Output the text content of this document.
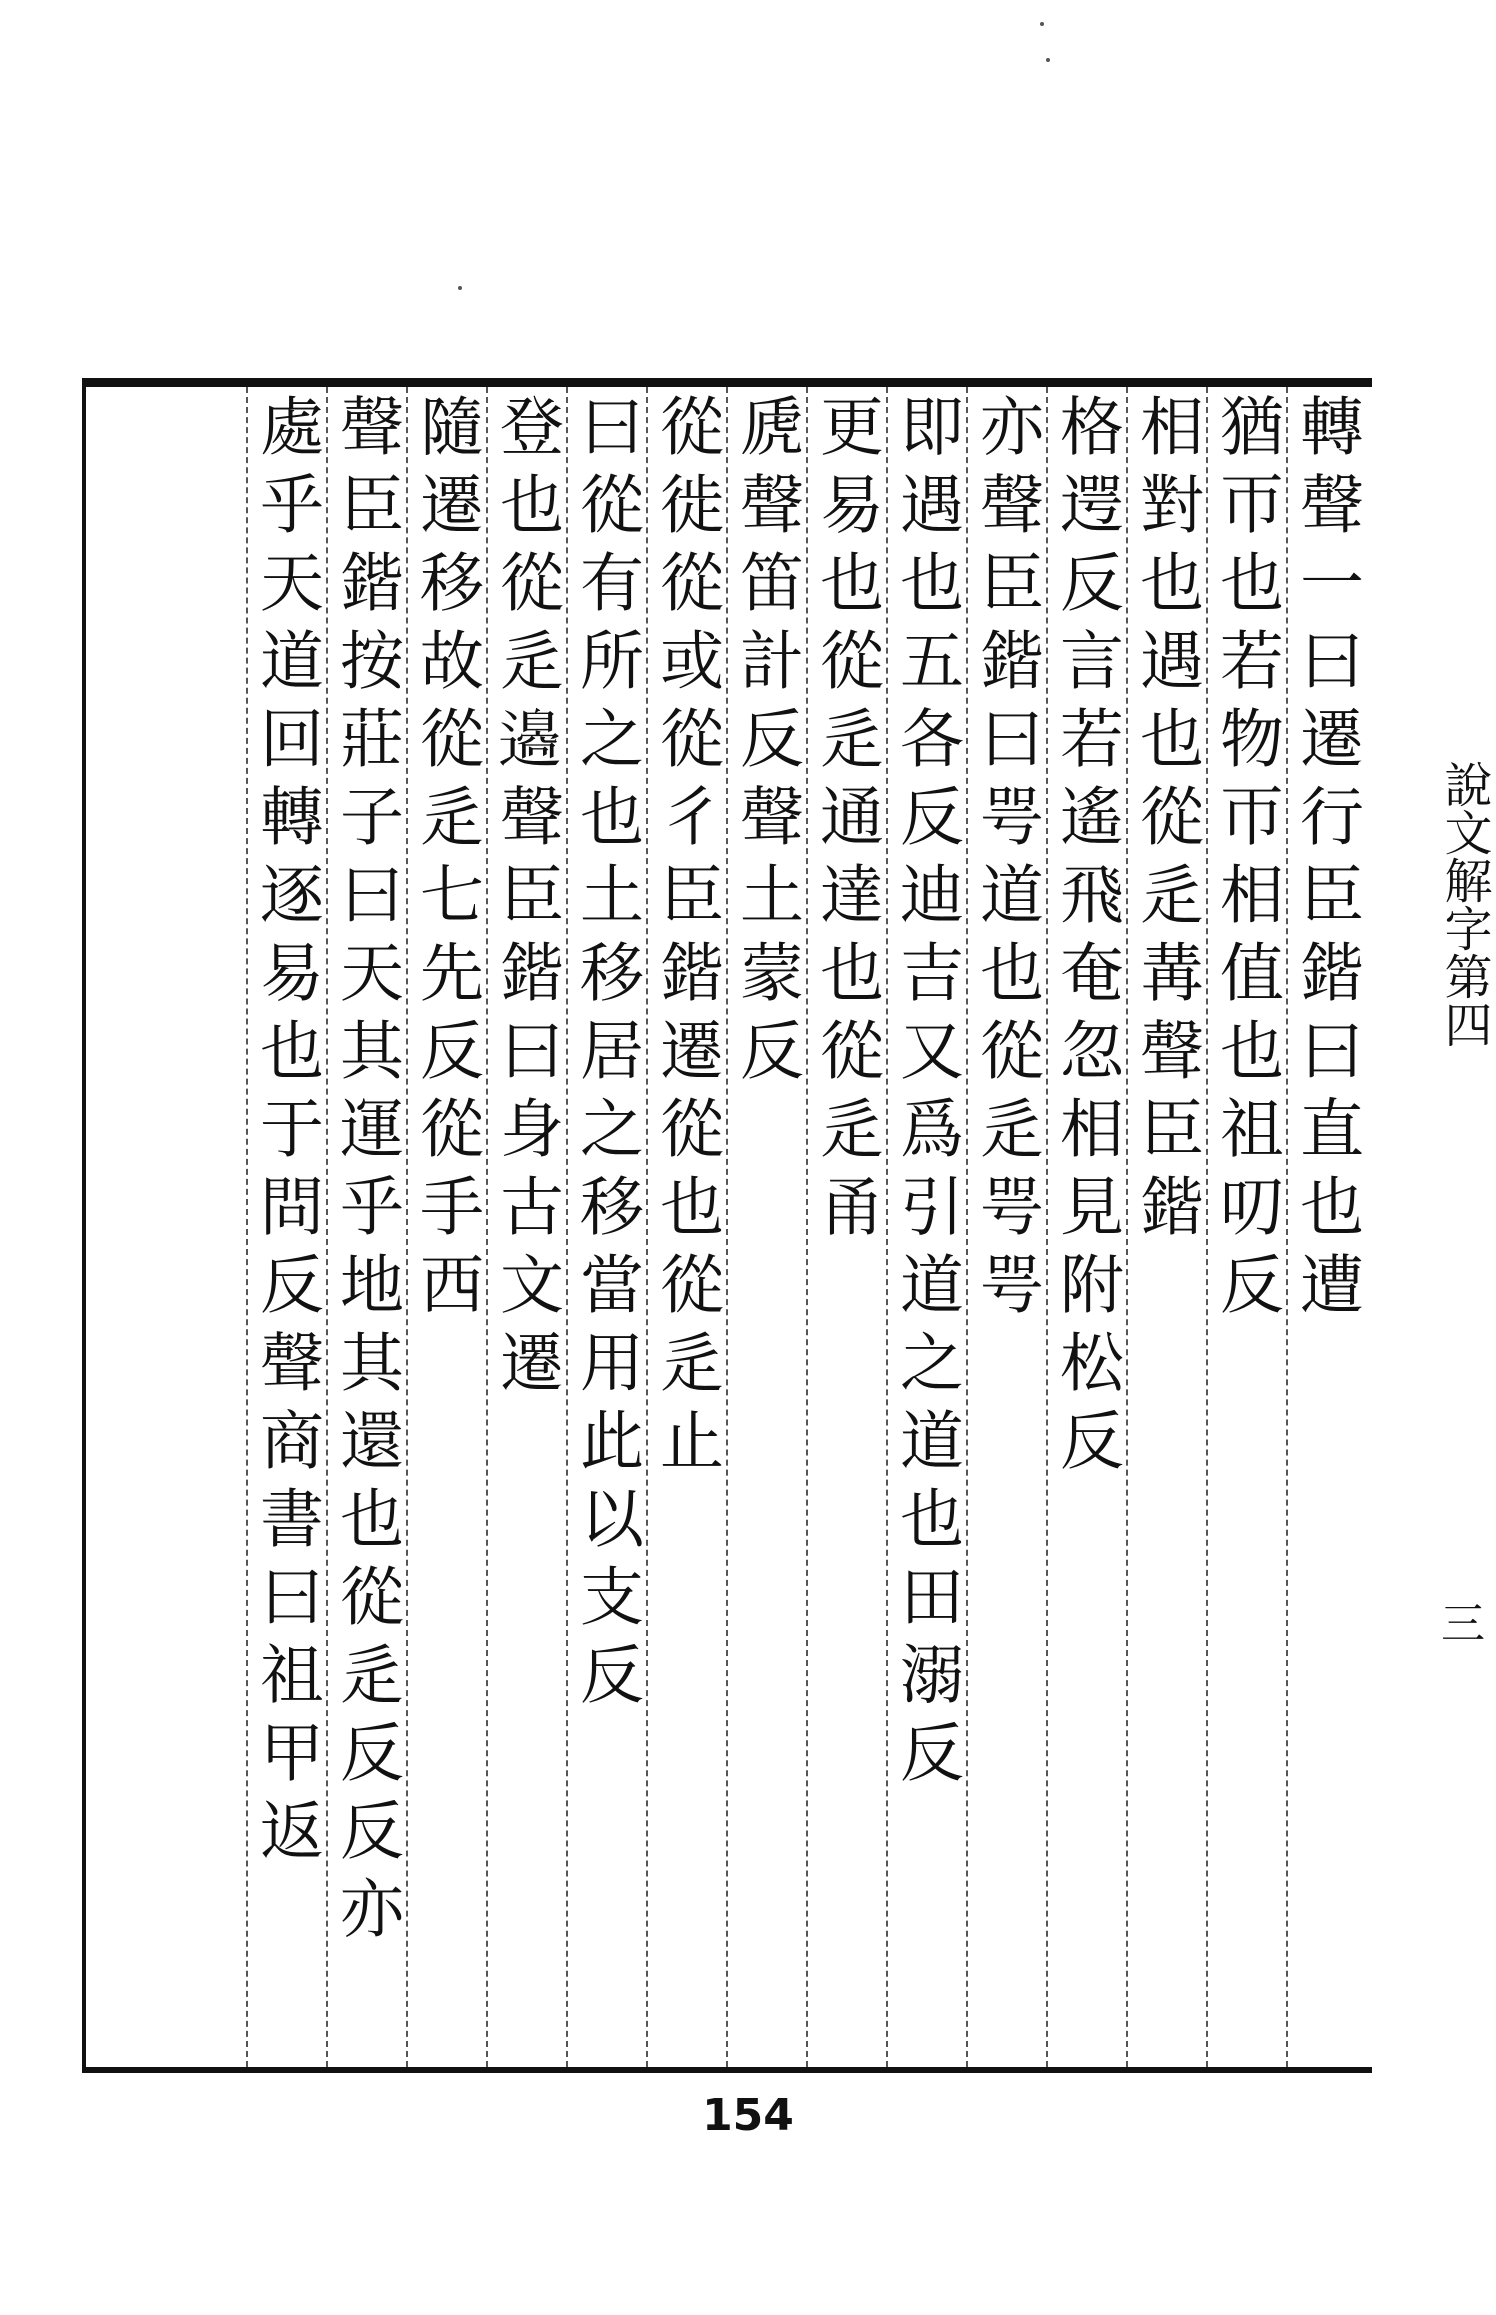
說文解字第四
三
轉聲一曰遷行臣鍇曰直也遭
猶帀也若物帀相值也祖叨反
相對也遇也從辵冓聲臣鍇
格遌反言若遙飛奄忽相見附松反
亦聲臣鍇曰咢道也從辵咢咢
即遇也五各反迪吉又爲引道之道也田溺反
更易也從辵通達也從辵甬
虒聲笛計反聲土蒙反
從徙從或從彳臣鍇遷從也從辵止
曰從有所之也土移居之移當用此以支反
登也從辵𨘢聲臣鍇曰身古文遷
隨遷移故從辵七先反從手西
聲臣鍇按莊子曰天其運乎地其還也從辵反反亦
處乎天道回轉逐易也于問反聲商書曰祖甲返
154
